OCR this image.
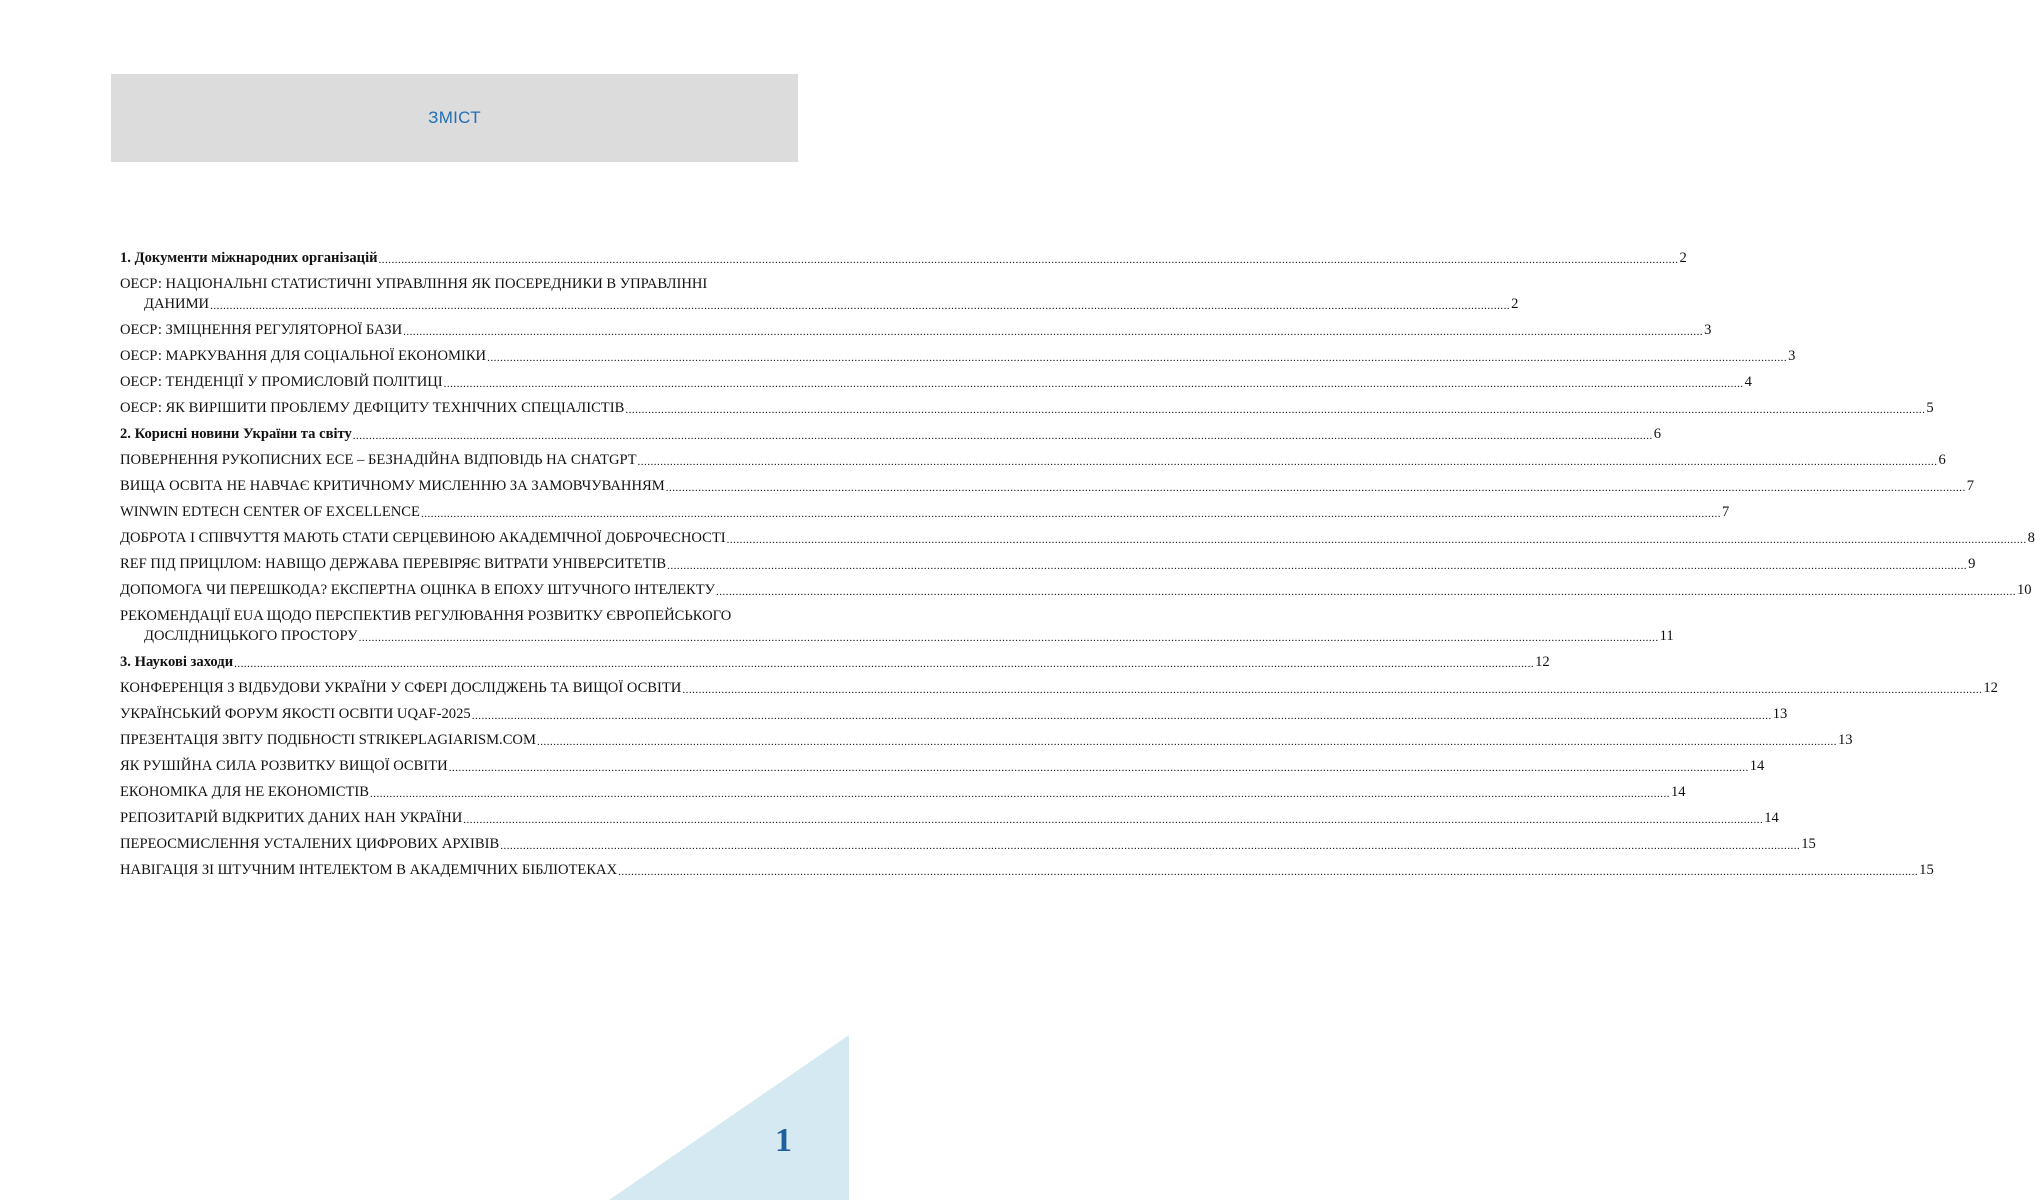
ЗМІСТ
1. Документи міжнародних організацій ................................................................................................................................................................................................................................................................................................................................................................................................................ 2
ОЕСР: НАЦІОНАЛЬНІ СТАТИСТИЧНІ УПРАВЛІННЯ ЯК ПОСЕРЕДНИКИ В УПРАВЛІННІ
ДАНИМИ ................................................................................................................................................................................................................................................................................................................................................................................................................ 2
ОЕСР: ЗМІЦНЕННЯ РЕГУЛЯТОРНОЇ БАЗИ ................................................................................................................................................................................................................................................................................................................................................................................................................ 3
ОЕСР: МАРКУВАННЯ ДЛЯ СОЦІАЛЬНОЇ ЕКОНОМІКИ ................................................................................................................................................................................................................................................................................................................................................................................................................ 3
ОЕСР: ТЕНДЕНЦІЇ У ПРОМИСЛОВІЙ ПОЛІТИЦІ ................................................................................................................................................................................................................................................................................................................................................................................................................ 4
ОЕСР: ЯК ВИРІШИТИ ПРОБЛЕМУ ДЕФІЦИТУ ТЕХНІЧНИХ СПЕЦІАЛІСТІВ ................................................................................................................................................................................................................................................................................................................................................................................................................ 5
2. Корисні новини України та світу ................................................................................................................................................................................................................................................................................................................................................................................................................ 6
ПОВЕРНЕННЯ РУКОПИСНИХ ЕСЕ – БЕЗНАДІЙНА ВІДПОВІДЬ НА CHATGPT ................................................................................................................................................................................................................................................................................................................................................................................................................ 6
ВИЩА ОСВІТА НЕ НАВЧАЄ КРИТИЧНОМУ МИСЛЕННЮ ЗА ЗАМОВЧУВАННЯМ ................................................................................................................................................................................................................................................................................................................................................................................................................ 7
WINWIN EDTECH CENTER OF EXCELLENCE ................................................................................................................................................................................................................................................................................................................................................................................................................ 7
ДОБРОТА І СПІВЧУТТЯ МАЮТЬ СТАТИ СЕРЦЕВИНОЮ АКАДЕМІЧНОЇ ДОБРОЧЕСНОСТІ ................................................................................................................................................................................................................................................................................................................................................................................................................ 8
REF ПІД ПРИЦІЛОМ: НАВІЩО ДЕРЖАВА ПЕРЕВІРЯЄ ВИТРАТИ УНІВЕРСИТЕТІВ ................................................................................................................................................................................................................................................................................................................................................................................................................ 9
ДОПОМОГА ЧИ ПЕРЕШКОДА? ЕКСПЕРТНА ОЦІНКА В ЕПОХУ ШТУЧНОГО ІНТЕЛЕКТУ ................................................................................................................................................................................................................................................................................................................................................................................................................ 10
РЕКОМЕНДАЦІЇ EUA ЩОДО ПЕРСПЕКТИВ РЕГУЛЮВАННЯ РОЗВИТКУ ЄВРОПЕЙСЬКОГО
ДОСЛІДНИЦЬКОГО ПРОСТОРУ ................................................................................................................................................................................................................................................................................................................................................................................................................ 11
3. Наукові заходи ................................................................................................................................................................................................................................................................................................................................................................................................................ 12
КОНФЕРЕНЦІЯ З ВІДБУДОВИ УКРАЇНИ У СФЕРІ ДОСЛІДЖЕНЬ ТА ВИЩОЇ ОСВІТИ ................................................................................................................................................................................................................................................................................................................................................................................................................ 12
УКРАЇНСЬКИЙ ФОРУМ ЯКОСТІ ОСВІТИ UQAF-2025 ................................................................................................................................................................................................................................................................................................................................................................................................................ 13
ПРЕЗЕНТАЦІЯ ЗВІТУ ПОДІБНОСТІ STRIKEPLAGIARISM.COM ................................................................................................................................................................................................................................................................................................................................................................................................................ 13
ЯК РУШІЙНА СИЛА РОЗВИТКУ ВИЩОЇ ОСВІТИ ................................................................................................................................................................................................................................................................................................................................................................................................................ 14
ЕКОНОМІКА ДЛЯ НЕ ЕКОНОМІСТІВ ................................................................................................................................................................................................................................................................................................................................................................................................................ 14
РЕПОЗИТАРІЙ ВІДКРИТИХ ДАНИХ НАН УКРАЇНИ ................................................................................................................................................................................................................................................................................................................................................................................................................ 14
ПЕРЕОСМИСЛЕННЯ УСТАЛЕНИХ ЦИФРОВИХ АРХІВІВ ................................................................................................................................................................................................................................................................................................................................................................................................................ 15
НАВІГАЦІЯ ЗІ ШТУЧНИМ ІНТЕЛЕКТОМ В АКАДЕМІЧНИХ БІБЛІОТЕКАХ ................................................................................................................................................................................................................................................................................................................................................................................................................ 15
1
